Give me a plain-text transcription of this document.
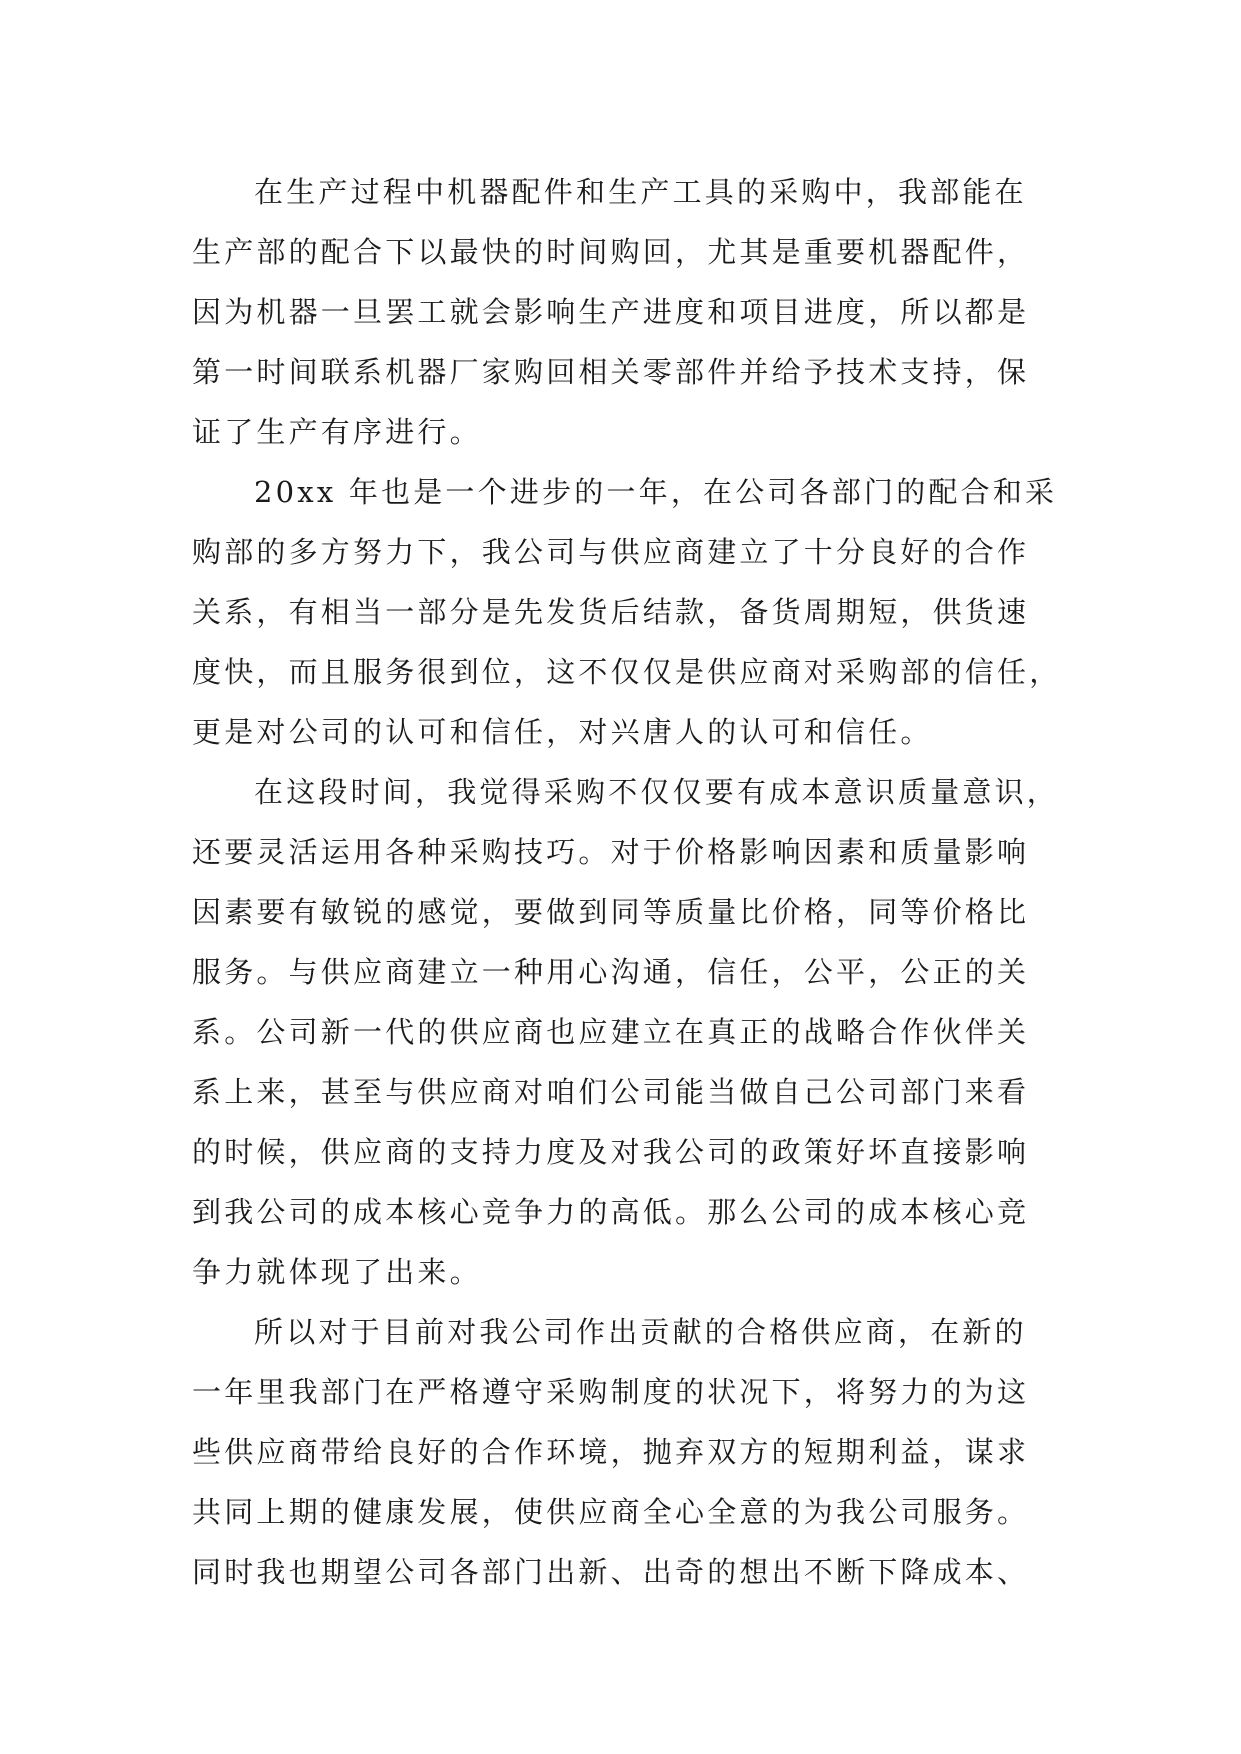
在生产过程中机器配件和生产工具的采购中，我部能在
生产部的配合下以最快的时间购回，尤其是重要机器配件，
因为机器一旦罢工就会影响生产进度和项目进度，所以都是
第一时间联系机器厂家购回相关零部件并给予技术支持，保
证了生产有序进行。
20xx 年也是一个进步的一年，在公司各部门的配合和采
购部的多方努力下，我公司与供应商建立了十分良好的合作
关系，有相当一部分是先发货后结款，备货周期短，供货速
度快，而且服务很到位，这不仅仅是供应商对采购部的信任，
更是对公司的认可和信任，对兴唐人的认可和信任。
在这段时间，我觉得采购不仅仅要有成本意识质量意识，
还要灵活运用各种采购技巧。对于价格影响因素和质量影响
因素要有敏锐的感觉，要做到同等质量比价格，同等价格比
服务。与供应商建立一种用心沟通，信任，公平，公正的关
系。公司新一代的供应商也应建立在真正的战略合作伙伴关
系上来，甚至与供应商对咱们公司能当做自己公司部门来看
的时候，供应商的支持力度及对我公司的政策好坏直接影响
到我公司的成本核心竞争力的高低。那么公司的成本核心竞
争力就体现了出来。
所以对于目前对我公司作出贡献的合格供应商，在新的
一年里我部门在严格遵守采购制度的状况下，将努力的为这
些供应商带给良好的合作环境，抛弃双方的短期利益，谋求
共同上期的健康发展，使供应商全心全意的为我公司服务。
同时我也期望公司各部门出新、出奇的想出不断下降成本、
